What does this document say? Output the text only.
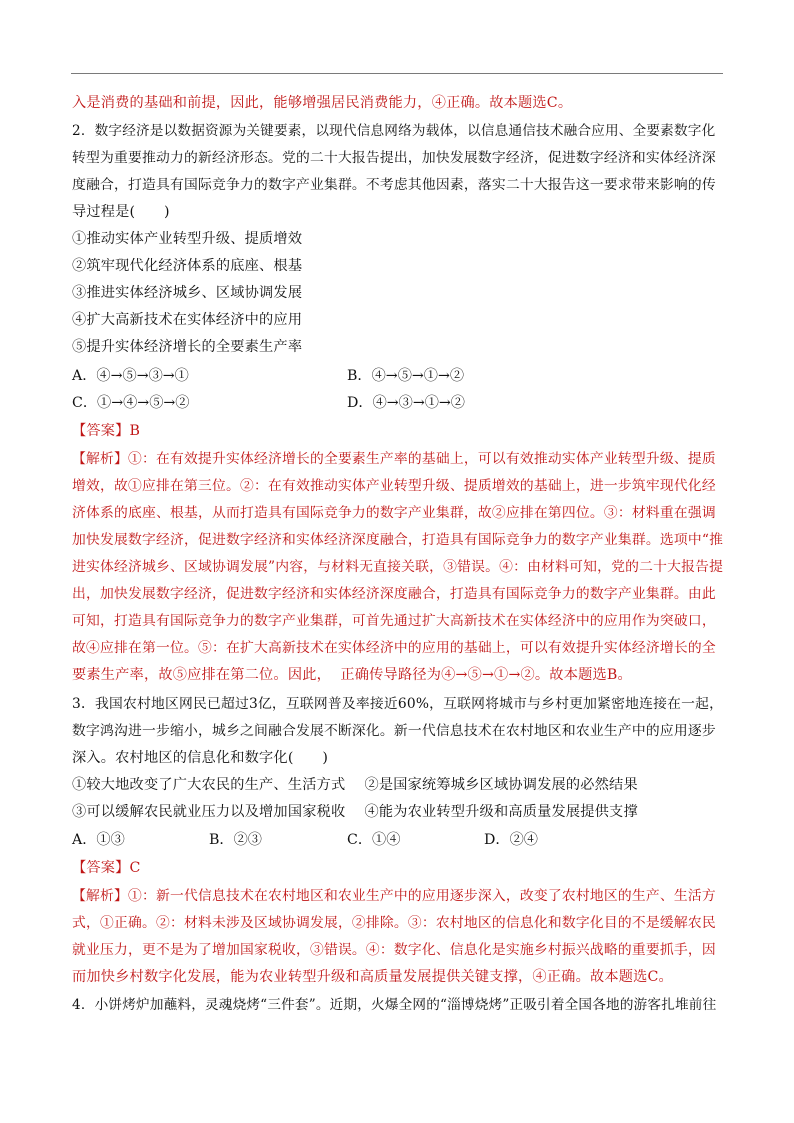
入是消费的基础和前提，因此，能够增强居民消费能力，④正确。故本题选C。
2．数字经济是以数据资源为关键要素，以现代信息网络为载体，以信息通信技术融合应用、全要素数字化
转型为重要推动力的新经济形态。党的二十大报告提出，加快发展数字经济，促进数字经济和实体经济深
度融合，打造具有国际竞争力的数字产业集群。不考虑其他因素，落实二十大报告这一要求带来影响的传
导过程是(　　)
①推动实体产业转型升级、提质增效
②筑牢现代化经济体系的底座、根基
③推进实体经济城乡、区域协调发展
④扩大高新技术在实体经济中的应用
⑤提升实体经济增长的全要素生产率
A．④→⑤→③→①	B．④→⑤→①→②
C．①→④→⑤→②	D．④→③→①→②
【答案】B
【解析】①：在有效提升实体经济增长的全要素生产率的基础上，可以有效推动实体产业转型升级、提质
增效，故①应排在第三位。②：在有效推动实体产业转型升级、提质增效的基础上，进一步筑牢现代化经
济体系的底座、根基，从而打造具有国际竞争力的数字产业集群，故②应排在第四位。③：材料重在强调
加快发展数字经济，促进数字经济和实体经济深度融合，打造具有国际竞争力的数字产业集群。选项中“推
进实体经济城乡、区域协调发展”内容，与材料无直接关联，③错误。④：由材料可知，党的二十大报告提
出，加快发展数字经济，促进数字经济和实体经济深度融合，打造具有国际竞争力的数字产业集群。由此
可知，打造具有国际竞争力的数字产业集群，可首先通过扩大高新技术在实体经济中的应用作为突破口，
故④应排在第一位。⑤：在扩大高新技术在实体经济中的应用的基础上，可以有效提升实体经济增长的全
要素生产率，故⑤应排在第二位。因此，  正确传导路径为④→⑤→①→②。故本题选B。
3．我国农村地区网民已超过3亿，互联网普及率接近60%，互联网将城市与乡村更加紧密地连接在一起，
数字鸿沟进一步缩小，城乡之间融合发展不断深化。新一代信息技术在农村地区和农业生产中的应用逐步
深入。农村地区的信息化和数字化(　　)
①较大地改变了广大农民的生产、生活方式　 ②是国家统筹城乡区域协调发展的必然结果
③可以缓解农民就业压力以及增加国家税收　 ④能为农业转型升级和高质量发展提供支撑
A．①③	B．②③	C．①④	D．②④
【答案】C
【解析】①：新一代信息技术在农村地区和农业生产中的应用逐步深入，改变了农村地区的生产、生活方
式，①正确。②：材料未涉及区域协调发展，②排除。③：农村地区的信息化和数字化目的不是缓解农民
就业压力，更不是为了增加国家税收，③错误。④：数字化、信息化是实施乡村振兴战略的重要抓手，因
而加快乡村数字化发展，能为农业转型升级和高质量发展提供关键支撑，④正确。故本题选C。
4．小饼烤炉加蘸料，灵魂烧烤“三件套”。近期，火爆全网的“淄博烧烤”正吸引着全国各地的游客扎堆前往
